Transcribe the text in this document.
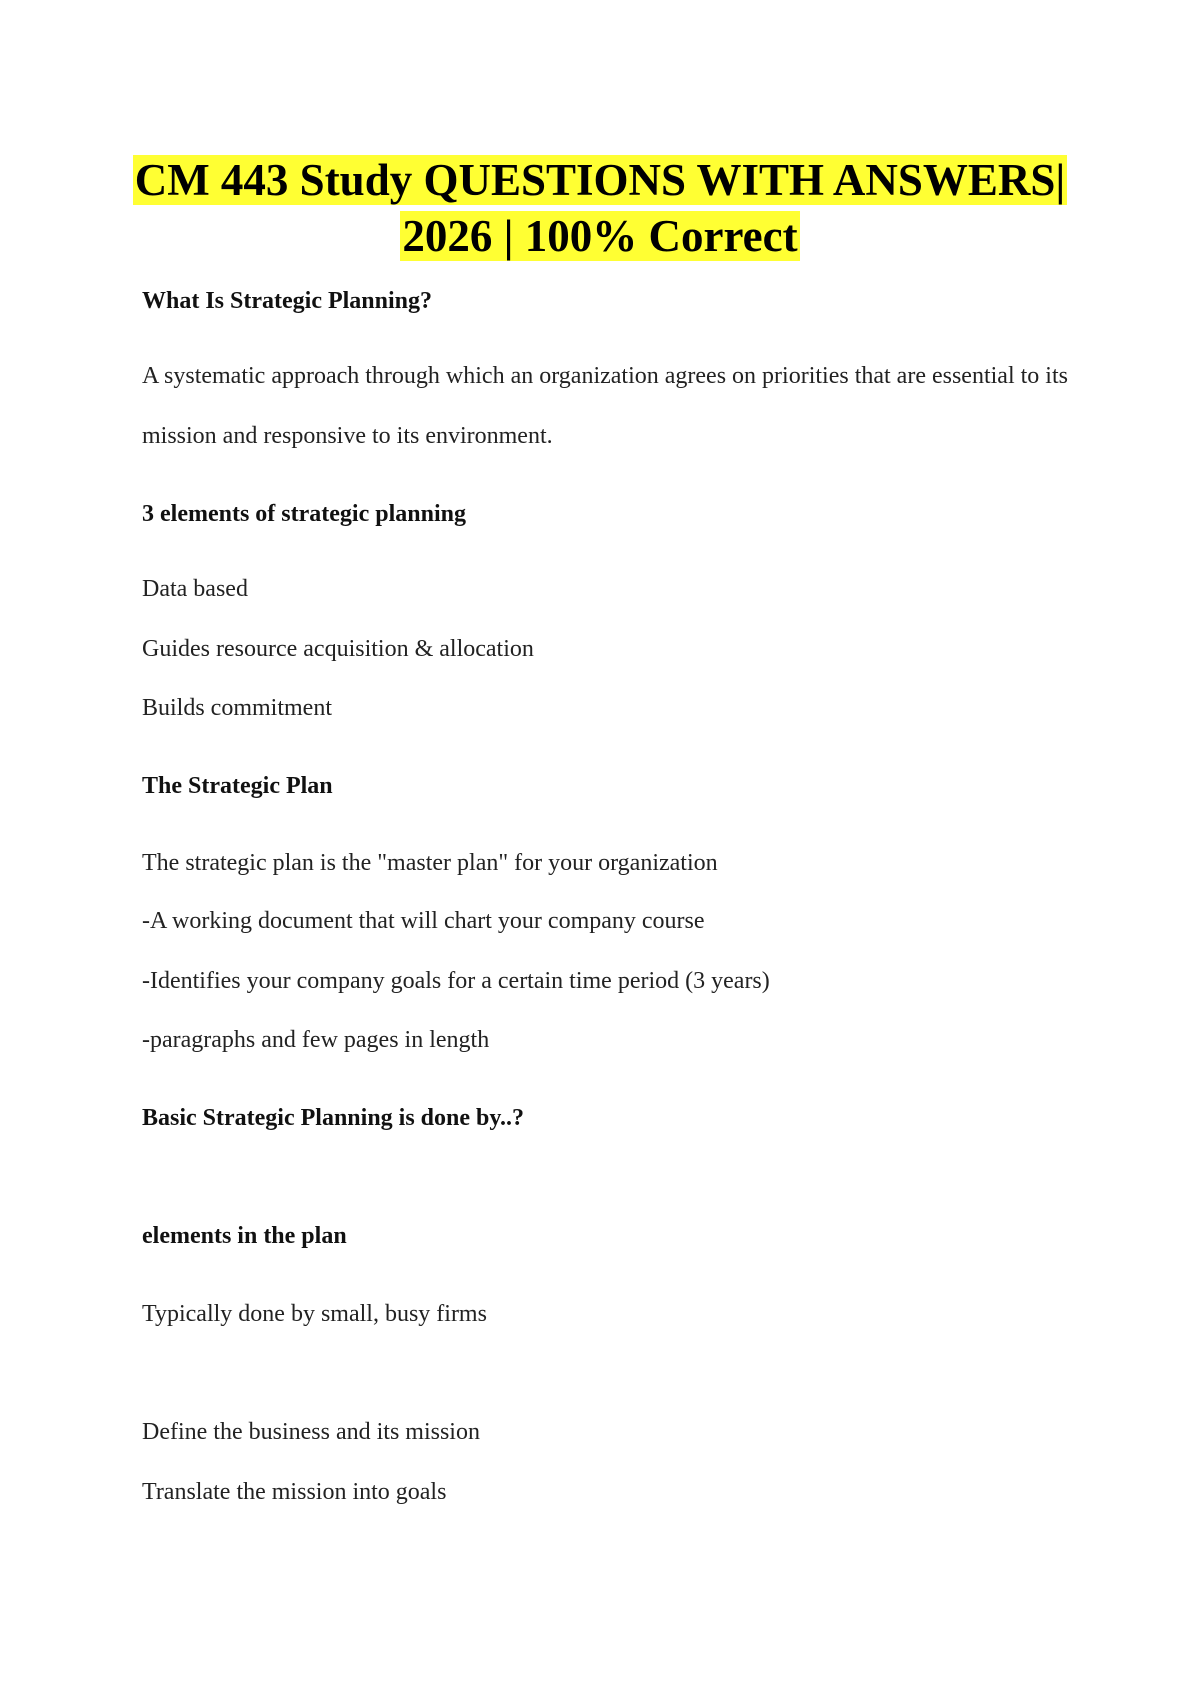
CM 443 Study QUESTIONS WITH ANSWERS|
2026 | 100% Correct
What Is Strategic Planning?
A systematic approach through which an organization agrees on priorities that are essential to its
mission and responsive to its environment.
3 elements of strategic planning
Data based
Guides resource acquisition & allocation
Builds commitment
The Strategic Plan
The strategic plan is the "master plan" for your organization
-A working document that will chart your company course
-Identifies your company goals for a certain time period (3 years)
-paragraphs and few pages in length
Basic Strategic Planning is done by..?
elements in the plan
Typically done by small, busy firms
Define the business and its mission
Translate the mission into goals
